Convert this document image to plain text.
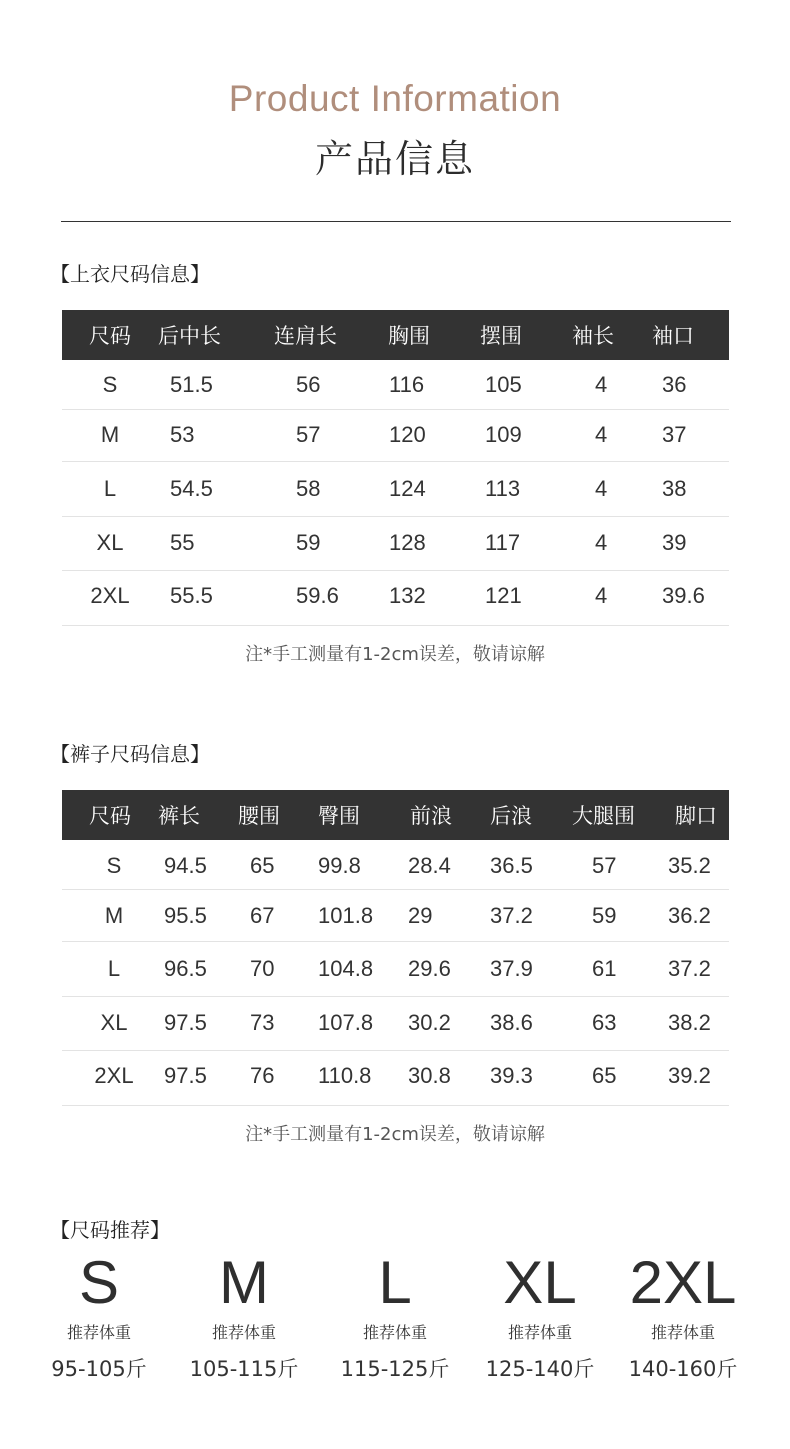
Product Information
产品信息
【上衣尺码信息】
尺码 后中长	连肩长 胸围 摆围 袖长 袖口
S	51.5	56	116	105	4 36
M	53	57	120	109	4 37
L	54.5	58	124	113	4 38
XL	55	59	128	117	4 39
2XL	55.5	59.6 132	121	4 39.6
注*手工测量有1-2cm误差，敬请谅解
【裤子尺码信息】
尺码 裤长 腰围 臀围 前浪 后浪 大腿围 脚口
S	94.5 65 99.8 28.4 36.5	57 35.2
M	95.5 67 101.8 29	37.2	59 36.2
L	96.5 70 104.8 29.6 37.9	61 37.2
XL	97.5 73 107.8 30.2 38.6	63 38.2
2XL	97.5 76 110.8 30.8 39.3	65 39.2
注*手工测量有1-2cm误差，敬请谅解
【尺码推荐】
S
推荐体重
95-105斤
M
推荐体重
105-115斤
L
推荐体重
115-125斤
XL
推荐体重
125-140斤
2XL
推荐体重
140-160斤
